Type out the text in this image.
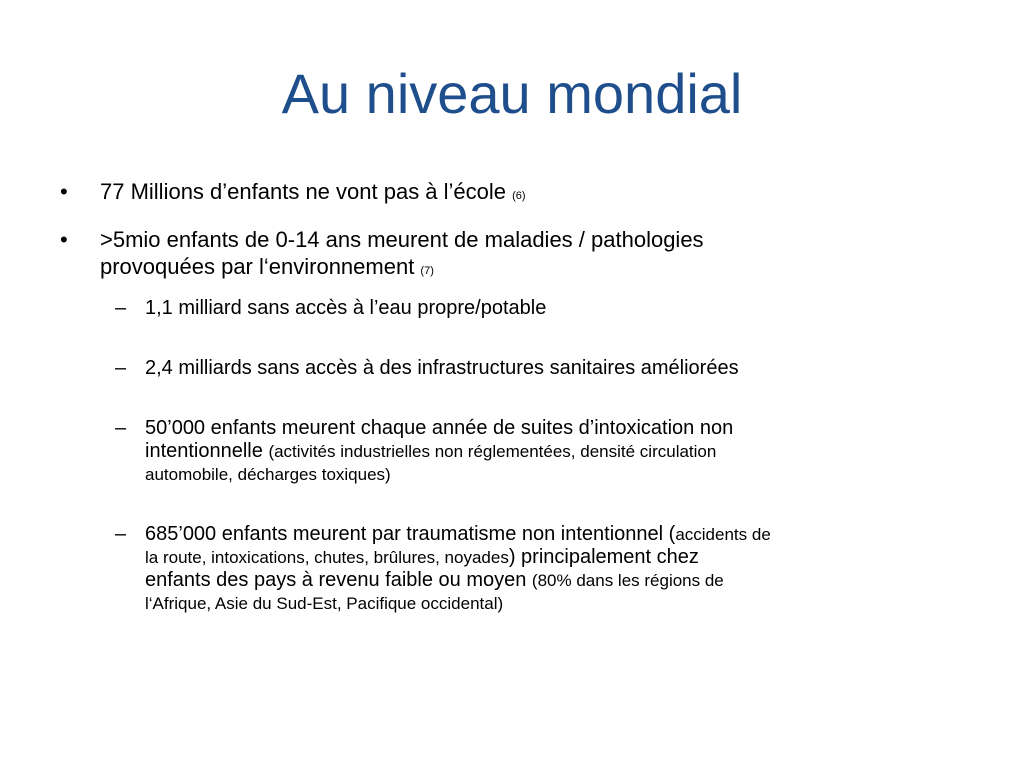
Au niveau mondial
•	77 Millions d’enfants ne vont pas à l’école (6)
•	>5mio enfants de 0-14 ans meurent de maladies / pathologies
provoquées par l‘environnement (7)
– 1,1 milliard sans accès à l’eau propre/potable
– 2,4 milliards sans accès à des infrastructures sanitaires améliorées
– 50’000 enfants meurent chaque année de suites d’intoxication non
intentionnelle (activités industrielles non réglementées, densité circulation
automobile, décharges toxiques)
– 685’000 enfants meurent par traumatisme non intentionnel (accidents de
la route, intoxications, chutes, brûlures, noyades) principalement chez
enfants des pays à revenu faible ou moyen (80% dans les régions de
l‘Afrique, Asie du Sud-Est, Pacifique occidental)
